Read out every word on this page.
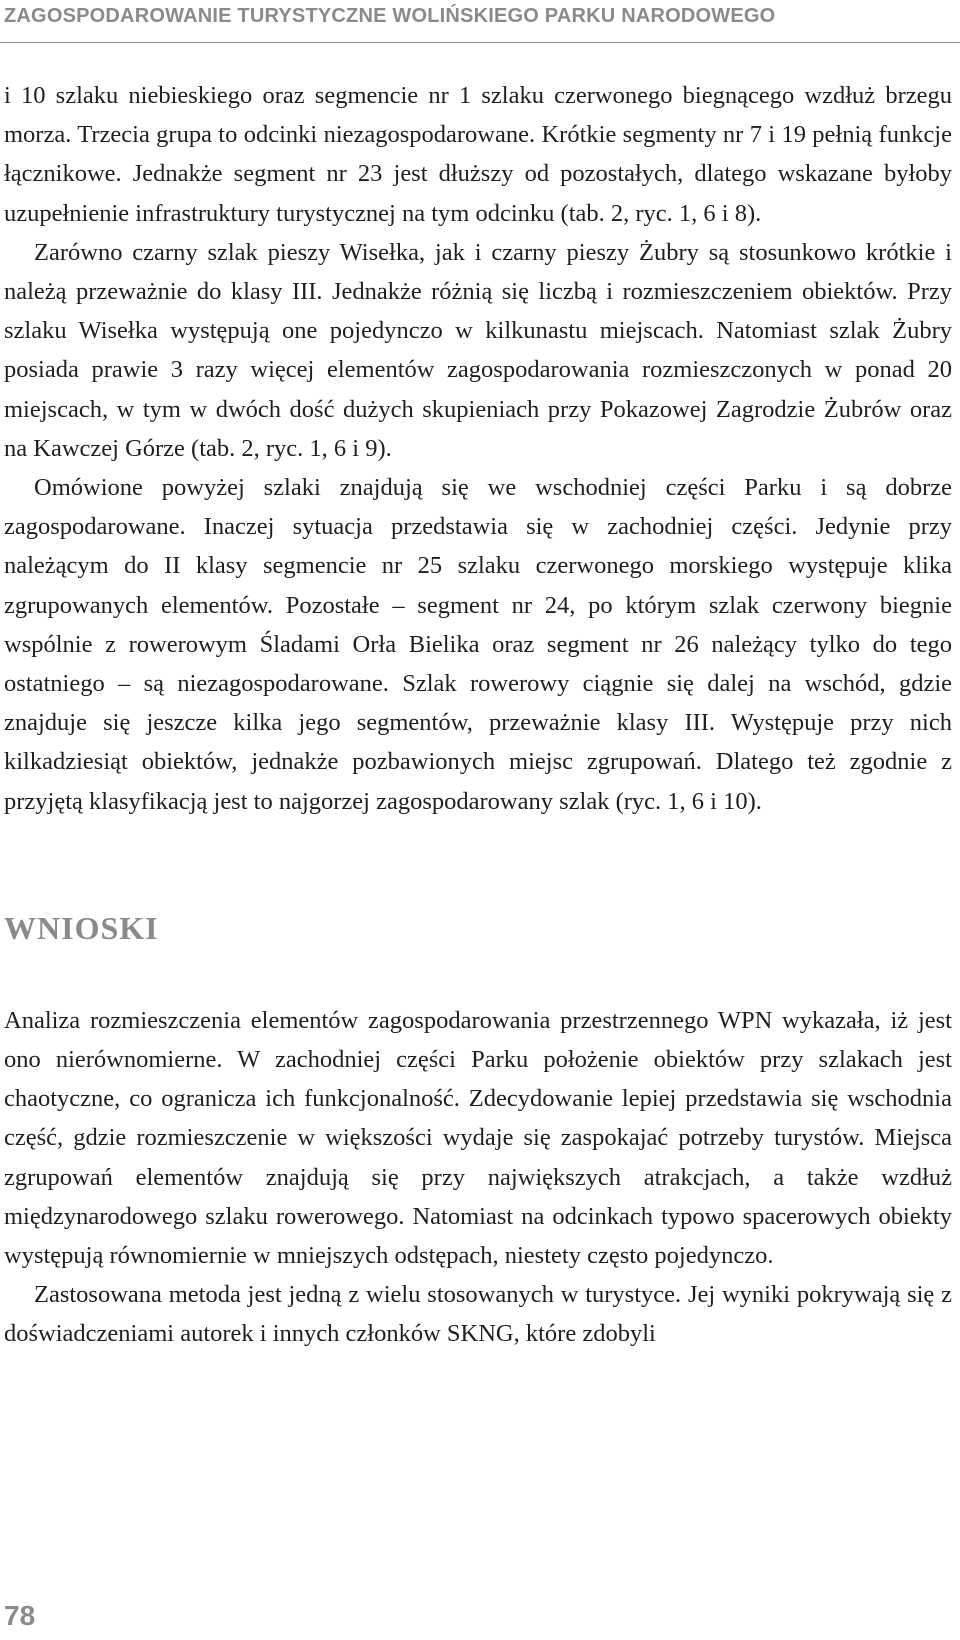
ZAGOSPODAROWANIE TURYSTYCZNE WOLIŃSKIEGO PARKU NARODOWEGO

i 10 szlaku niebieskiego oraz segmencie nr 1 szlaku czerwonego biegnącego wzdłuż brzegu morza. Trzecia grupa to odcinki niezagospodarowane. Krótkie segmenty nr 7 i 19 pełnią funkcje łącznikowe. Jednakże segment nr 23 jest dłuższy od pozostałych, dlatego wskazane byłoby uzupełnienie infrastruktury turystycznej na tym odcinku (tab. 2, ryc. 1, 6 i 8).

Zarówno czarny szlak pieszy Wisełka, jak i czarny pieszy Żubry są stosunkowo krótkie i należą przeważnie do klasy III. Jednakże różnią się liczbą i rozmieszczeniem obiektów. Przy szlaku Wisełka występują one pojedynczo w kilkunastu miejscach. Natomiast szlak Żubry posiada prawie 3 razy więcej elementów zagospodarowania rozmieszczonych w ponad 20 miejscach, w tym w dwóch dość dużych skupieniach przy Pokazowej Zagrodzie Żubrów oraz na Kawczej Górze (tab. 2, ryc. 1, 6 i 9).

Omówione powyżej szlaki znajdują się we wschodniej części Parku i są dobrze zagospodarowane. Inaczej sytuacja przedstawia się w zachodniej części. Jedynie przy należącym do II klasy segmencie nr 25 szlaku czerwonego morskiego występuje klika zgrupowanych elementów. Pozostałe – segment nr 24, po którym szlak czerwony biegnie wspólnie z rowerowym Śladami Orła Bielika oraz segment nr 26 należący tylko do tego ostatniego – są niezagospodarowane. Szlak rowerowy ciągnie się dalej na wschód, gdzie znajduje się jeszcze kilka jego segmentów, przeważnie klasy III. Występuje przy nich kilkadziesiąt obiektów, jednakże pozbawionych miejsc zgrupowań. Dlatego też zgodnie z przyjętą klasyfikacją jest to najgorzej zagospodarowany szlak (ryc. 1, 6 i 10).

WNIOSKI

Analiza rozmieszczenia elementów zagospodarowania przestrzennego WPN wykazała, iż jest ono nierównomierne. W zachodniej części Parku położenie obiektów przy szlakach jest chaotyczne, co ogranicza ich funkcjonalność. Zdecydowanie lepiej przedstawia się wschodnia część, gdzie rozmieszczenie w większości wydaje się zaspokajać potrzeby turystów. Miejsca zgrupowań elementów znajdują się przy największych atrakcjach, a także wzdłuż międzynarodowego szlaku rowerowego. Natomiast na odcinkach typowo spacerowych obiekty występują równomiernie w mniejszych odstępach, niestety często pojedynczo.

Zastosowana metoda jest jedną z wielu stosowanych w turystyce. Jej wyniki pokrywają się z doświadczeniami autorek i innych członków SKNG, które zdobyli

78
